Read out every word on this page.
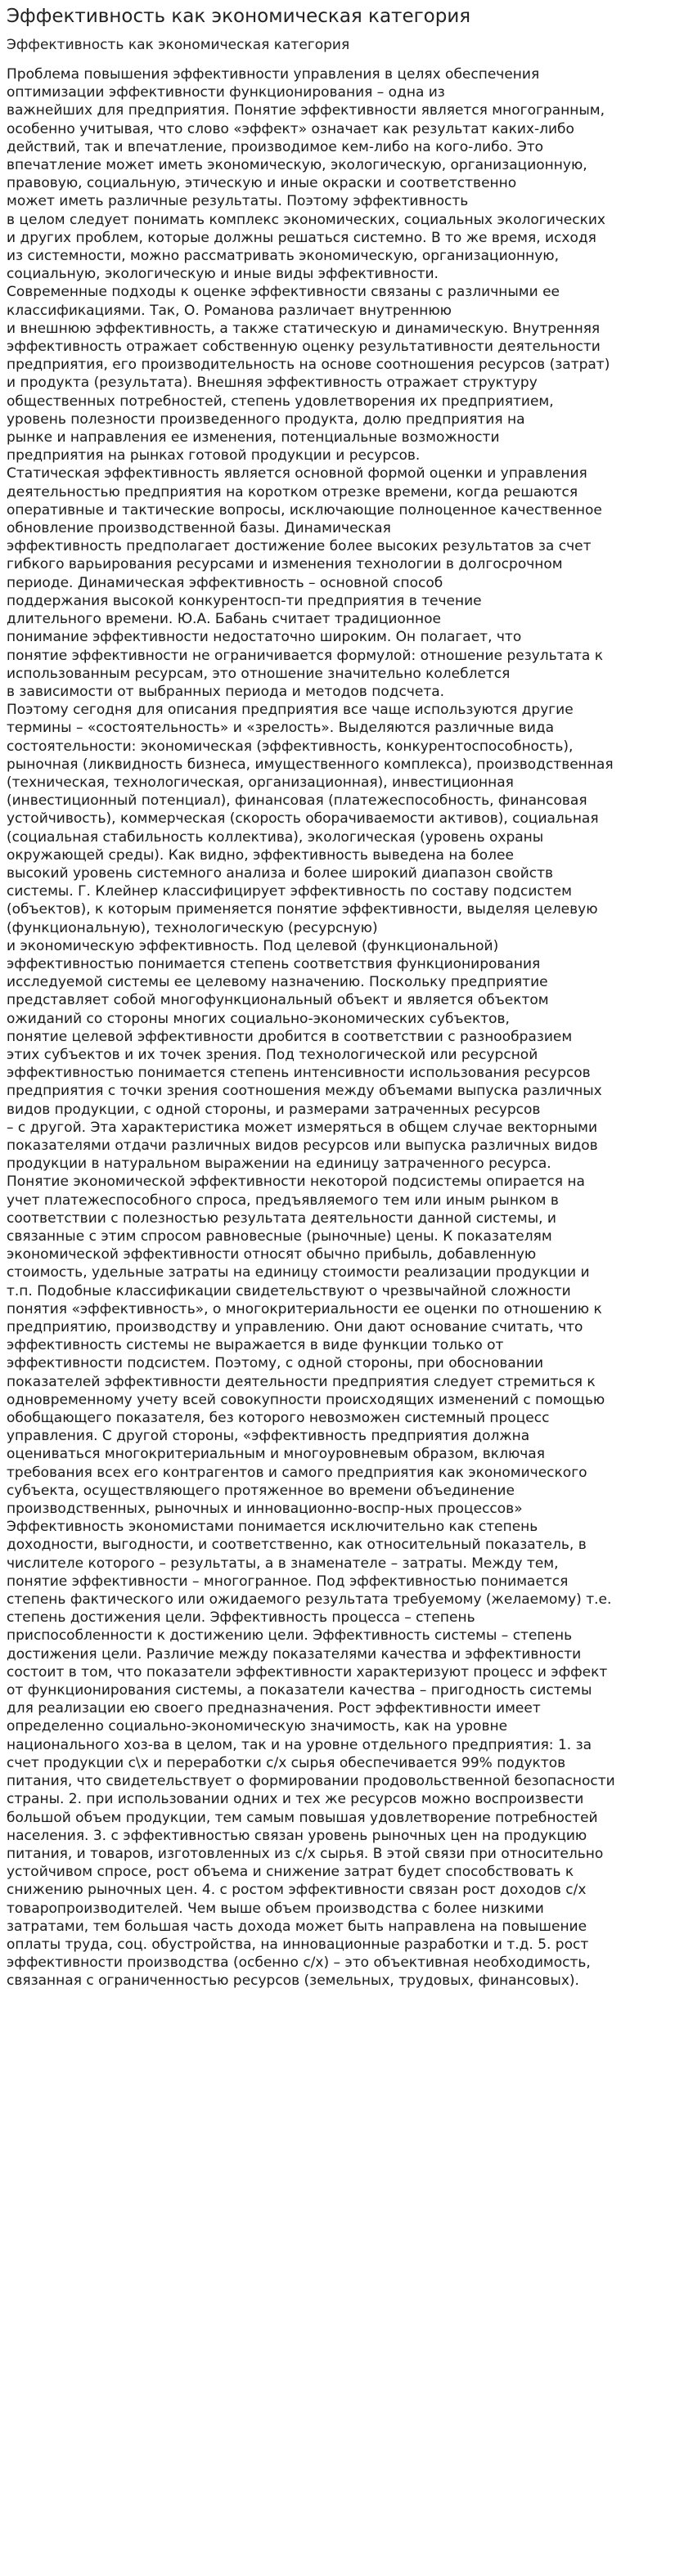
Эффективность как экономическая категория
Эффективность как экономическая категория
Проблема повышения эффективности управления в целях обеспечения
оптимизации эффективности функционирования – одна из
важнейших для предприятия. Понятие эффективности является многогранным,
особенно учитывая, что слово «эффект» означает как результат каких-либо
действий, так и впечатление, производимое кем-либо на кого-либо. Это
впечатление может иметь экономическую, экологическую, организационную,
правовую, социальную, этическую и иные окраски и соответственно
может иметь различные результаты. Поэтому эффективность
в целом следует понимать комплекс экономических, социальных экологических
и других проблем, которые должны решаться системно. В то же время, исходя
из системности, можно рассматривать экономическую, организационную,
социальную, экологическую и иные виды эффективности.
Современные подходы к оценке эффективности связаны с различными ее
классификациями. Так, О. Романова различает внутреннюю
и внешнюю эффективность, а также статическую и динамическую. Внутренняя
эффективность отражает собственную оценку результативности деятельности
предприятия, его производительность на основе соотношения ресурсов (затрат)
и продукта (результата). Внешняя эффективность отражает структуру
общественных потребностей, степень удовлетворения их предприятием,
уровень полезности произведенного продукта, долю предприятия на
рынке и направления ее изменения, потенциальные возможности
предприятия на рынках готовой продукции и ресурсов.
Статическая эффективность является основной формой оценки и управления
деятельностью предприятия на коротком отрезке времени, когда решаются
оперативные и тактические вопросы, исключающие полноценное качественное
обновление производственной базы. Динамическая
эффективность предполагает достижение более высоких результатов за счет
гибкого варьирования ресурсами и изменения технологии в долгосрочном
периоде. Динамическая эффективность – основной способ
поддержания высокой конкурентосп-ти предприятия в течение
длительного времени. Ю.А. Бабань считает традиционное
понимание эффективности недостаточно широким. Он полагает, что
понятие эффективности не ограничивается формулой: отношение результата к
использованным ресурсам, это отношение значительно колеблется
в зависимости от выбранных периода и методов подсчета.
Поэтому сегодня для описания предприятия все чаще используются другие
термины – «состоятельность» и «зрелость». Выделяются различные вида
состоятельности: экономическая (эффективность, конкурентоспособность),
рыночная (ликвидность бизнеса, имущественного комплекса), производственная
(техническая, технологическая, организационная), инвестиционная
(инвестиционный потенциал), финансовая (платежеспособность, финансовая
устойчивость), коммерческая (скорость оборачиваемости активов), социальная
(социальная стабильность коллектива), экологическая (уровень охраны
окружающей среды). Как видно, эффективность выведена на более
высокий уровень системного анализа и более широкий диапазон свойств
системы. Г. Клейнер классифицирует эффективность по составу подсистем
(объектов), к которым применяется понятие эффективности, выделяя целевую
(функциональную), технологическую (ресурсную)
и экономическую эффективность. Под целевой (функциональной)
эффективностью понимается степень соответствия функционирования
исследуемой системы ее целевому назначению. Поскольку предприятие
представляет собой многофункциональный объект и является объектом
ожиданий со стороны многих социально-экономических субъектов,
понятие целевой эффективности дробится в соответствии с разнообразием
этих субъектов и их точек зрения. Под технологической или ресурсной
эффективностью понимается степень интенсивности использования ресурсов
предприятия с точки зрения соотношения между объемами выпуска различных
видов продукции, с одной стороны, и размерами затраченных ресурсов
– с другой. Эта характеристика может измеряться в общем случае векторными
показателями отдачи различных видов ресурсов или выпуска различных видов
продукции в натуральном выражении на единицу затраченного ресурса.
Понятие экономической эффективности некоторой подсистемы опирается на
учет платежеспособного спроса, предъявляемого тем или иным рынком в
соответствии с полезностью результата деятельности данной системы, и
связанные с этим спросом равновесные (рыночные) цены. К показателям
экономической эффективности относят обычно прибыль, добавленную
стоимость, удельные затраты на единицу стоимости реализации продукции и
т.п. Подобные классификации свидетельствуют о чрезвычайной сложности
понятия «эффективность», о многокритериальности ее оценки по отношению к
предприятию, производству и управлению. Они дают основание считать, что
эффективность системы не выражается в виде функции только от
эффективности подсистем. Поэтому, с одной стороны, при обосновании
показателей эффективности деятельности предприятия следует стремиться к
одновременному учету всей совокупности происходящих изменений с помощью
обобщающего показателя, без которого невозможен системный процесс
управления. С другой стороны, «эффективность предприятия должна
оцениваться многокритериальным и многоуровневым образом, включая
требования всех его контрагентов и самого предприятия как экономического
субъекта, осуществляющего протяженное во времени объединение
производственных, рыночных и инновационно-воспр-ных процессов»
Эффективность экономистами понимается исключительно как степень
доходности, выгодности, и соответственно, как относительный показатель, в
числителе которого – результаты, а в знаменателе – затраты. Между тем,
понятие эффективности – многогранное. Под эффективностью понимается
степень фактического или ожидаемого результата требуемому (желаемому) т.е.
степень достижения цели. Эффективность процесса – степень
приспособленности к достижению цели. Эффективность системы – степень
достижения цели. Различие между показателями качества и эффективности
состоит в том, что показатели эффективности характеризуют процесс и эффект
от функционирования системы, а показатели качества – пригодность системы
для реализации ею своего предназначения. Рост эффективности имеет
определенно социально-экономическую значимость, как на уровне
национального хоз-ва в целом, так и на уровне отдельного предприятия: 1. за
счет продукции с\х и переработки с/х сырья обеспечивается 99% подуктов
питания, что свидетельствует о формировании продовольственной безопасности
страны. 2. при использовании одних и тех же ресурсов можно воспроизвести
большой объем продукции, тем самым повышая удовлетворение потребностей
населения. 3. с эффективностью связан уровень рыночных цен на продукцию
питания, и товаров, изготовленных из с/х сырья. В этой связи при относительно
устойчивом спросе, рост объема и снижение затрат будет способствовать к
снижению рыночных цен. 4. с ростом эффективности связан рост доходов с/х
товаропроизводителей. Чем выше объем производства с более низкими
затратами, тем большая часть дохода может быть направлена на повышение
оплаты труда, соц. обустройства, на инновационные разработки и т.д. 5. рост
эффективности производства (осбенно с/х) – это объективная необходимость,
связанная с ограниченностью ресурсов (земельных, трудовых, финансовых).
